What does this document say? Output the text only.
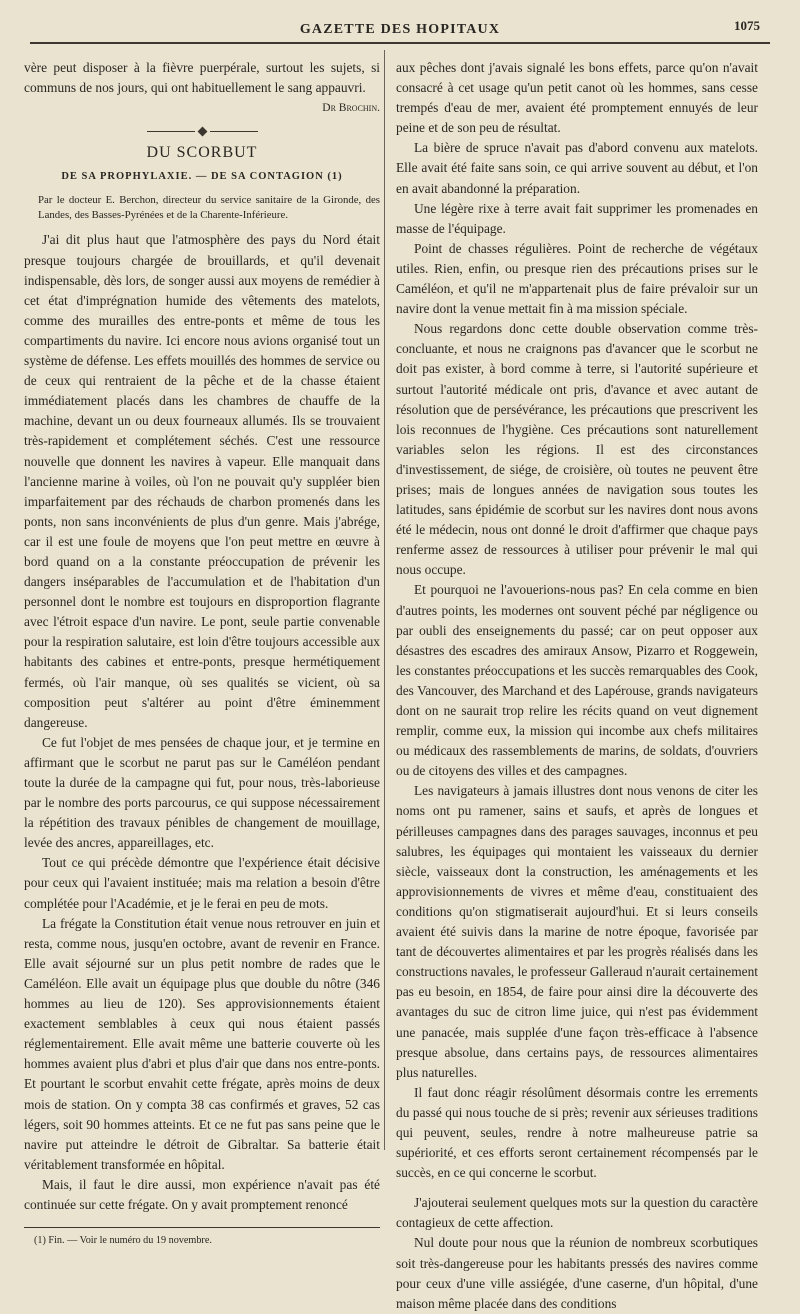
GAZETTE DES HOPITAUX	1075

vère peut disposer à la fièvre puerpérale, surtout les sujets, si communs de nos jours, qui ont habituellement le sang appauvri.

Dr Brochin.
DU SCORBUT
DE SA PROPHYLAXIE. — DE SA CONTAGION (1)

Par le docteur E. Berchon, directeur du service sanitaire de la Gironde, des Landes, des Basses-Pyrénées et de la Charente-Inférieure.

J'ai dit plus haut que l'atmosphère des pays du Nord était presque toujours chargée de brouillards, et qu'il devenait indispensable, dès lors, de songer aussi aux moyens de remédier à cet état d'imprégnation humide des vêtements des matelots, comme des murailles des entre-ponts et même de tous les compartiments du navire. Ici encore nous avions organisé tout un système de défense. Les effets mouillés des hommes de service ou de ceux qui rentraient de la pêche et de la chasse étaient immédiatement placés dans les chambres de chauffe de la machine, devant un ou deux fourneaux allumés. Ils se trouvaient très-rapidement et complétement séchés. C'est une ressource nouvelle que donnent les navires à vapeur. Elle manquait dans l'ancienne marine à voiles, où l'on ne pouvait qu'y suppléer bien imparfaitement par des réchauds de charbon promenés dans les ponts, non sans inconvénients de plus d'un genre. Mais j'abrége, car il est une foule de moyens que l'on peut mettre en œuvre à bord quand on a la constante préoccupation de prévenir les dangers inséparables de l'accumulation et de l'habitation d'un personnel dont le nombre est toujours en disproportion flagrante avec l'étroit espace d'un navire. Le pont, seule partie convenable pour la respiration salutaire, est loin d'être toujours accessible aux habitants des cabines et entre-ponts, presque hermétiquement fermés, où l'air manque, où ses qualités se vicient, où sa composition peut s'altérer au point d'être éminemment dangereuse.

Ce fut l'objet de mes pensées de chaque jour, et je termine en affirmant que le scorbut ne parut pas sur le Caméléon pendant toute la durée de la campagne qui fut, pour nous, très-laborieuse par le nombre des ports parcourus, ce qui suppose nécessairement la répétition des travaux pénibles de changement de mouillage, levée des ancres, appareillages, etc.

Tout ce qui précède démontre que l'expérience était décisive pour ceux qui l'avaient instituée; mais ma relation a besoin d'être complétée pour l'Académie, et je le ferai en peu de mots.

La frégate la Constitution était venue nous retrouver en juin et resta, comme nous, jusqu'en octobre, avant de revenir en France. Elle avait séjourné sur un plus petit nombre de rades que le Caméléon. Elle avait un équipage plus que double du nôtre (346 hommes au lieu de 120). Ses approvisionnements étaient exactement semblables à ceux qui nous étaient passés réglementairement. Elle avait même une batterie couverte où les hommes avaient plus d'abri et plus d'air que dans nos entre-ponts. Et pourtant le scorbut envahit cette frégate, après moins de deux mois de station. On y compta 38 cas confirmés et graves, 52 cas légers, soit 90 hommes atteints. Et ce ne fut pas sans peine que le navire put atteindre le détroit de Gibraltar. Sa batterie était véritablement transformée en hôpital.

Mais, il faut le dire aussi, mon expérience n'avait pas été continuée sur cette frégate. On y avait promptement renoncé

(1) Fin. — Voir le numéro du 19 novembre.

aux pêches dont j'avais signalé les bons effets, parce qu'on n'avait consacré à cet usage qu'un petit canot où les hommes, sans cesse trempés d'eau de mer, avaient été promptement ennuyés de leur peine et de son peu de résultat.

La bière de spruce n'avait pas d'abord convenu aux matelots. Elle avait été faite sans soin, ce qui arrive souvent au début, et l'on en avait abandonné la préparation.

Une légère rixe à terre avait fait supprimer les promenades en masse de l'équipage.

Point de chasses régulières. Point de recherche de végétaux utiles. Rien, enfin, ou presque rien des précautions prises sur le Caméléon, et qu'il ne m'appartenait plus de faire prévaloir sur un navire dont la venue mettait fin à ma mission spéciale.

Nous regardons donc cette double observation comme très-concluante, et nous ne craignons pas d'avancer que le scorbut ne doit pas exister, à bord comme à terre, si l'autorité supérieure et surtout l'autorité médicale ont pris, d'avance et avec autant de résolution que de persévérance, les précautions que prescrivent les lois reconnues de l'hygiène. Ces précautions sont naturellement variables selon les régions. Il est des circonstances d'investissement, de siége, de croisière, où toutes ne peuvent être prises; mais de longues années de navigation sous toutes les latitudes, sans épidémie de scorbut sur les navires dont nous avons été le médecin, nous ont donné le droit d'affirmer que chaque pays renferme assez de ressources à utiliser pour prévenir le mal qui nous occupe.

Et pourquoi ne l'avouerions-nous pas? En cela comme en bien d'autres points, les modernes ont souvent péché par négligence ou par oubli des enseignements du passé; car on peut opposer aux désastres des escadres des amiraux Ansow, Pizarro et Roggewein, les constantes préoccupations et les succès remarquables des Cook, des Vancouver, des Marchand et des Lapérouse, grands navigateurs dont on ne saurait trop relire les récits quand on veut dignement remplir, comme eux, la mission qui incombe aux chefs militaires ou médicaux des rassemblements de marins, de soldats, d'ouvriers ou de citoyens des villes et des campagnes.

Les navigateurs à jamais illustres dont nous venons de citer les noms ont pu ramener, sains et saufs, et après de longues et périlleuses campagnes dans des parages sauvages, inconnus et peu salubres, les équipages qui montaient les vaisseaux du dernier siècle, vaisseaux dont la construction, les aménagements et les approvisionnements de vivres et même d'eau, constituaient des conditions qu'on stigmatiserait aujourd'hui. Et si leurs conseils avaient été suivis dans la marine de notre époque, favorisée par tant de découvertes alimentaires et par les progrès réalisés dans les constructions navales, le professeur Galleraud n'aurait certainement pas eu besoin, en 1854, de faire pour ainsi dire la découverte des avantages du suc de citron lime juice, qui n'est pas évidemment une panacée, mais supplée d'une façon très-efficace à l'absence presque absolue, dans certains pays, de ressources alimentaires plus naturelles.

Il faut donc réagir résolûment désormais contre les errements du passé qui nous touche de si près; revenir aux sérieuses traditions qui peuvent, seules, rendre à notre malheureuse patrie sa supériorité, et ces efforts seront certainement récompensés par le succès, en ce qui concerne le scorbut.

J'ajouterai seulement quelques mots sur la question du caractère contagieux de cette affection.

Nul doute pour nous que la réunion de nombreux scorbutiques soit très-dangereuse pour les habitants pressés des navires comme pour ceux d'une ville assiégée, d'une caserne, d'un hôpital, d'une maison même placée dans des conditions
